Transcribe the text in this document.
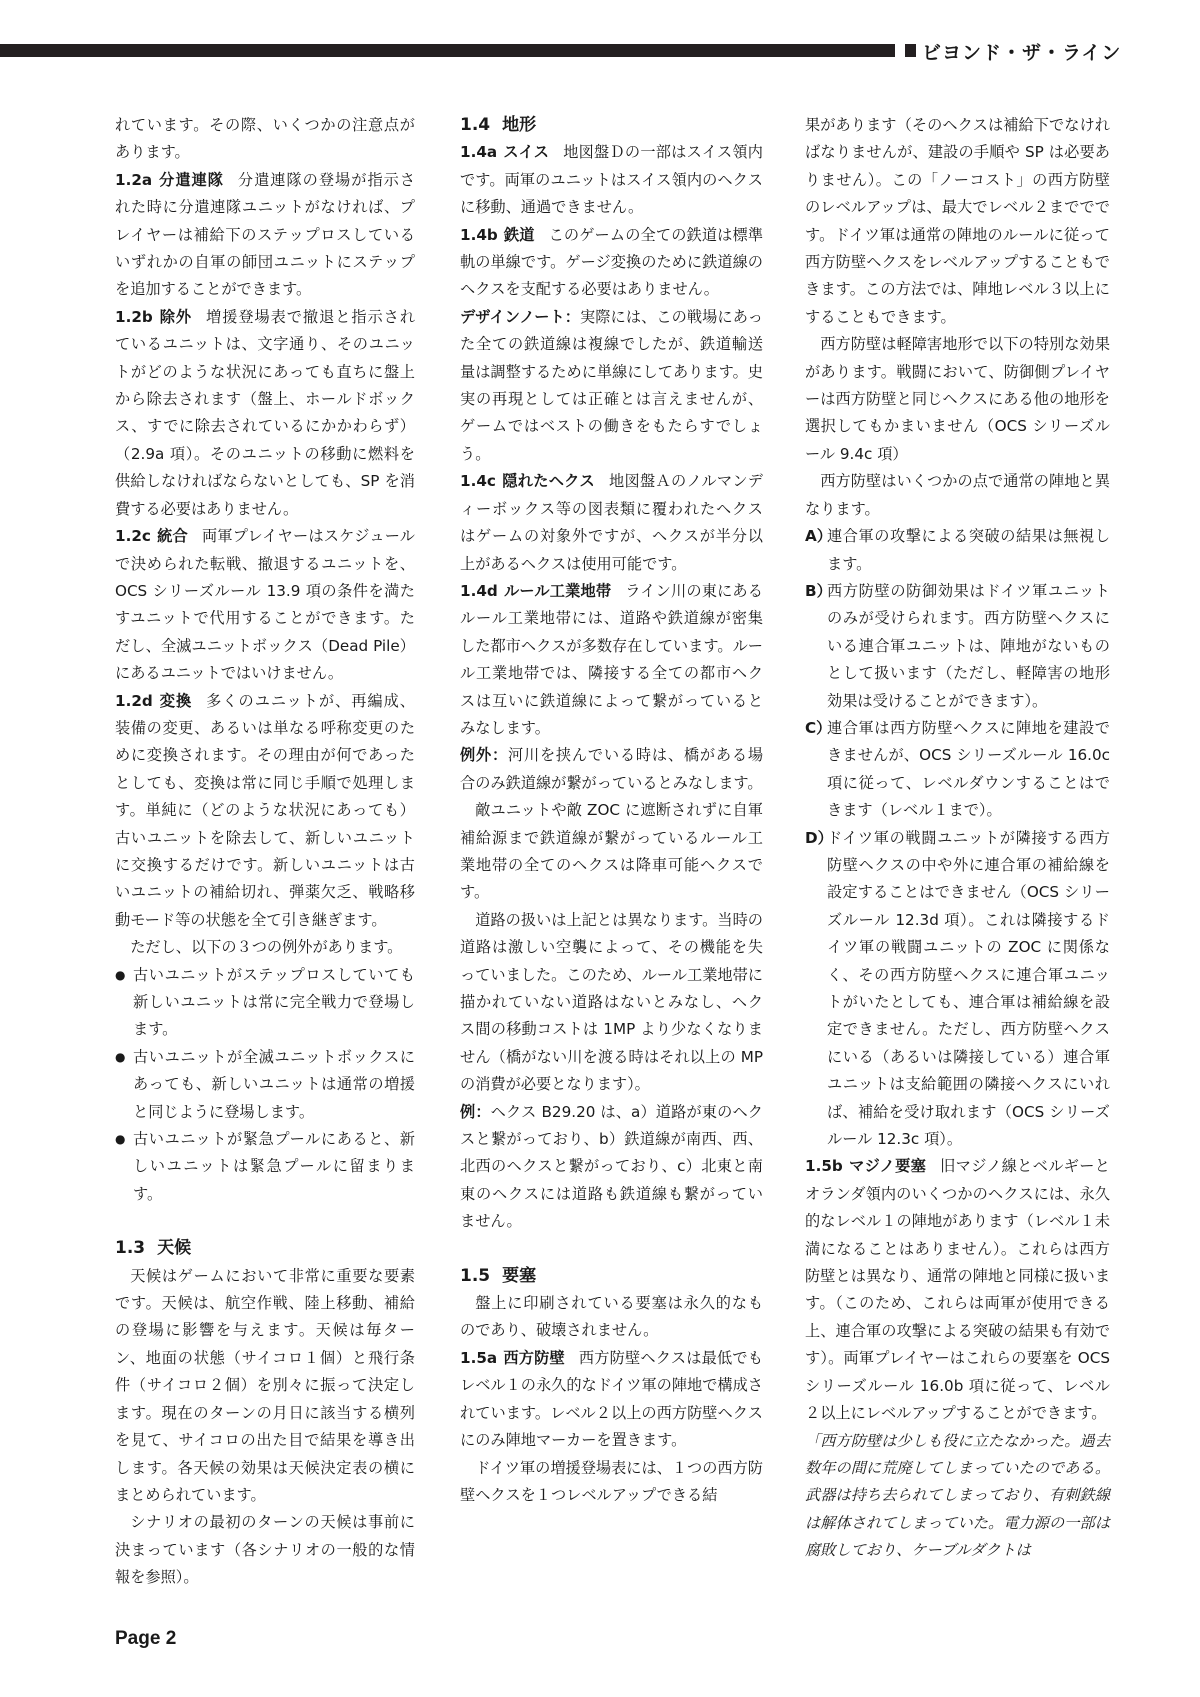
ビヨンド・ザ・ライン

れています。その際、いくつかの注意点があります。

1.2a 分遣連隊 分遣連隊の登場が指示された時に分遣連隊ユニットがなければ、プレイヤーは補給下のステップロスしているいずれかの自軍の師団ユニットにステップを追加することができます。

1.2b 除外 増援登場表で撤退と指示されているユニットは、文字通り、そのユニットがどのような状況にあっても直ちに盤上から除去されます（盤上、ホールドボックス、すでに除去されているにかかわらず）（2.9a 項）。そのユニットの移動に燃料を供給しなければならないとしても、SP を消費する必要はありません。

1.2c 統合 両軍プレイヤーはスケジュールで決められた転戦、撤退するユニットを、OCS シリーズルール 13.9 項の条件を満たすユニットで代用することができます。ただし、全滅ユニットボックス（Dead Pile）にあるユニットではいけません。

1.2d 変換 多くのユニットが、再編成、装備の変更、あるいは単なる呼称変更のために変換されます。その理由が何であったとしても、変換は常に同じ手順で処理します。単純に（どのような状況にあっても）古いユニットを除去して、新しいユニットに交換するだけです。新しいユニットは古いユニットの補給切れ、弾薬欠乏、戦略移動モード等の状態を全て引き継ぎます。

ただし、以下の３つの例外があります。

● 古いユニットがステップロスしていても新しいユニットは常に完全戦力で登場します。
● 古いユニットが全滅ユニットボックスにあっても、新しいユニットは通常の増援と同じように登場します。
● 古いユニットが緊急プールにあると、新しいユニットは緊急プールに留まります。
1.3 天候

天候はゲームにおいて非常に重要な要素です。天候は、航空作戦、陸上移動、補給の登場に影響を与えます。天候は毎ターン、地面の状態（サイコロ１個）と飛行条件（サイコロ２個）を別々に振って決定します。現在のターンの月日に該当する横列を見て、サイコロの出た目で結果を導き出します。各天候の効果は天候決定表の横にまとめられています。

シナリオの最初のターンの天候は事前に決まっています（各シナリオの一般的な情報を参照）。

1.4 地形

1.4a スイス 地図盤Ｄの一部はスイス領内です。両軍のユニットはスイス領内のヘクスに移動、通過できません。

1.4b 鉄道 このゲームの全ての鉄道は標準軌の単線です。ゲージ変換のために鉄道線のヘクスを支配する必要はありません。

デザインノート：実際には、この戦場にあった全ての鉄道線は複線でしたが、鉄道輸送量は調整するために単線にしてあります。史実の再現としては正確とは言えませんが、ゲームではベストの働きをもたらすでしょう。

1.4c 隠れたヘクス 地図盤Ａのノルマンディーボックス等の図表類に覆われたヘクスはゲームの対象外ですが、ヘクスが半分以上があるヘクスは使用可能です。

1.4d ルール工業地帯 ライン川の東にあるルール工業地帯には、道路や鉄道線が密集した都市ヘクスが多数存在しています。ルール工業地帯では、隣接する全ての都市ヘクスは互いに鉄道線によって繋がっているとみなします。

例外：河川を挟んでいる時は、橋がある場合のみ鉄道線が繋がっているとみなします。

敵ユニットや敵 ZOC に遮断されずに自軍補給源まで鉄道線が繋がっているルール工業地帯の全てのヘクスは降車可能ヘクスです。

道路の扱いは上記とは異なります。当時の道路は激しい空襲によって、その機能を失っていました。このため、ルール工業地帯に描かれていない道路はないとみなし、ヘクス間の移動コストは 1MP より少なくなりません（橋がない川を渡る時はそれ以上の MP の消費が必要となります）。

例：ヘクス B29.20 は、a）道路が東のヘクスと繋がっており、b）鉄道線が南西、西、北西のヘクスと繋がっており、c）北東と南東のヘクスには道路も鉄道線も繋がっていません。

1.5 要塞

盤上に印刷されている要塞は永久的なものであり、破壊されません。

1.5a 西方防壁 西方防壁ヘクスは最低でもレベル１の永久的なドイツ軍の陣地で構成されています。レベル２以上の西方防壁ヘクスにのみ陣地マーカーを置きます。

ドイツ軍の増援登場表には、１つの西方防壁ヘクスを１つレベルアップできる結

果があります（そのヘクスは補給下でなければなりませんが、建設の手順や SP は必要ありません）。この「ノーコスト」の西方防壁のレベルアップは、最大でレベル２まででです。ドイツ軍は通常の陣地のルールに従って西方防壁ヘクスをレベルアップすることもできます。この方法では、陣地レベル３以上にすることもできます。

西方防壁は軽障害地形で以下の特別な効果があります。戦闘において、防御側プレイヤーは西方防壁と同じヘクスにある他の地形を選択してもかまいません（OCS シリーズルール 9.4c 項）

西方防壁はいくつかの点で通常の陣地と異なります。

A）
連合軍の攻撃による突破の結果は無視します。
B）
西方防壁の防御効果はドイツ軍ユニットのみが受けられます。西方防壁ヘクスにいる連合軍ユニットは、陣地がないものとして扱います（ただし、軽障害の地形効果は受けることができます）。
C）
連合軍は西方防壁ヘクスに陣地を建設できませんが、OCS シリーズルール 16.0c 項に従って、レベルダウンすることはできます（レベル１まで）。
D）
ドイツ軍の戦闘ユニットが隣接する西方防壁ヘクスの中や外に連合軍の補給線を設定することはできません（OCS シリーズルール 12.3d 項）。これは隣接するドイツ軍の戦闘ユニットの ZOC に関係なく、その西方防壁ヘクスに連合軍ユニットがいたとしても、連合軍は補給線を設定できません。ただし、西方防壁ヘクスにいる（あるいは隣接している）連合軍ユニットは支給範囲の隣接ヘクスにいれば、補給を受け取れます（OCS シリーズルール 12.3c 項）。

1.5b マジノ要塞 旧マジノ線とベルギーとオランダ領内のいくつかのヘクスには、永久的なレベル１の陣地があります（レベル１未満になることはありません）。これらは西方防壁とは異なり、通常の陣地と同様に扱います。（このため、これらは両軍が使用できる上、連合軍の攻撃による突破の結果も有効です）。両軍プレイヤーはこれらの要塞を OCS シリーズルール 16.0b 項に従って、レベル２以上にレベルアップすることができます。

「西方防壁は少しも役に立たなかった。過去数年の間に荒廃してしまっていたのである。武器は持ち去られてしまっており、有刺鉄線は解体されてしまっていた。電力源の一部は腐敗しており、ケーブルダクトは

Page 2
